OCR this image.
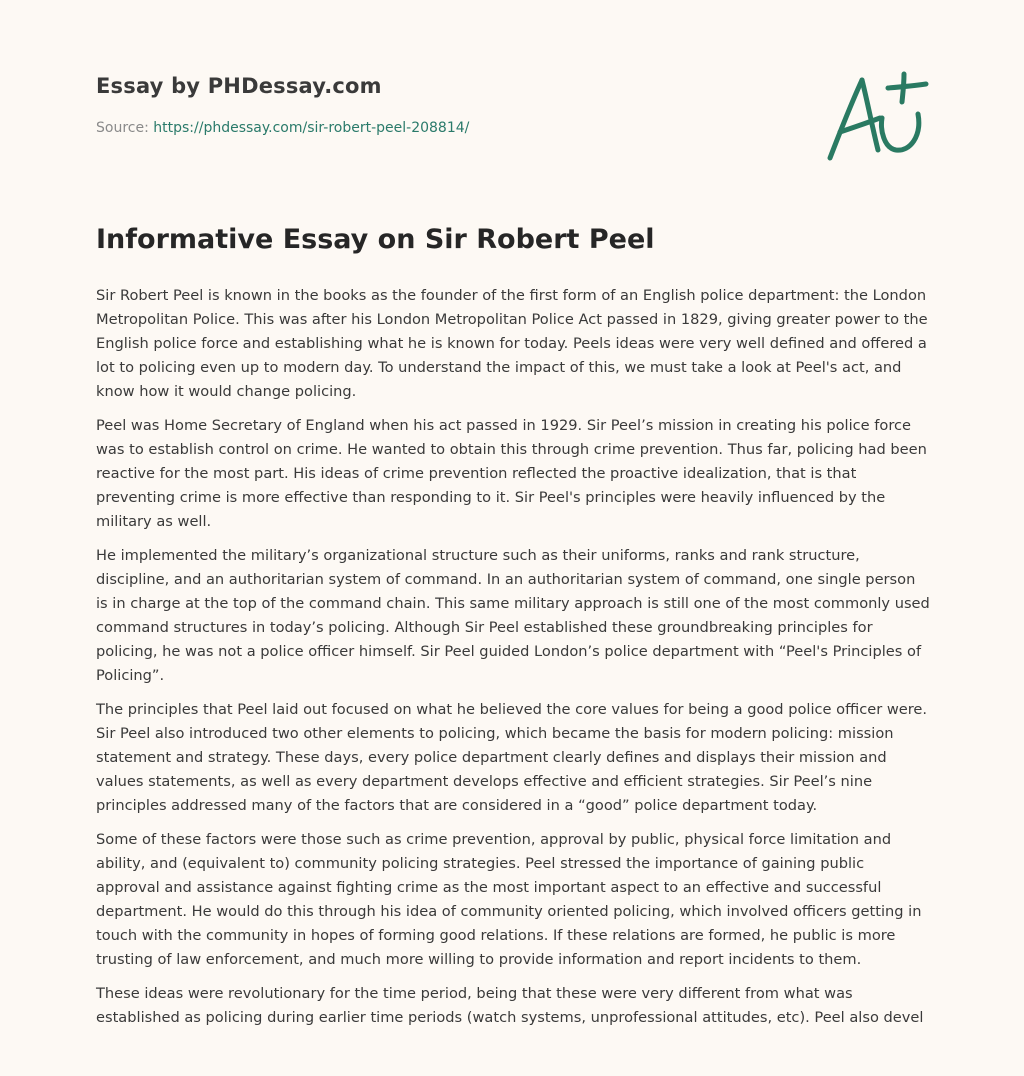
Essay by PHDessay.com
Source: https://phdessay.com/sir-robert-peel-208814/
Informative Essay on Sir Robert Peel

Sir Robert Peel is known in the books as the founder of the first form of an English police department: the London Metropolitan Police. This was after his London Metropolitan Police Act passed in 1829, giving greater power to the English police force and establishing what he is known for today. Peels ideas were very well defined and offered a lot to policing even up to modern day. To understand the impact of this, we must take a look at Peel's act, and know how it would change policing.

Peel was Home Secretary of England when his act passed in 1929. Sir Peel’s mission in creating his police force was to establish control on crime. He wanted to obtain this through crime prevention. Thus far, policing had been reactive for the most part. His ideas of crime prevention reflected the proactive idealization, that is that preventing crime is more effective than responding to it. Sir Peel's principles were heavily influenced by the military as well.

He implemented the military’s organizational structure such as their uniforms, ranks and rank structure, discipline, and an authoritarian system of command. In an authoritarian system of command, one single person is in charge at the top of the command chain. This same military approach is still one of the most commonly used command structures in today’s policing. Although Sir Peel established these groundbreaking principles for policing, he was not a police officer himself. Sir Peel guided London’s police department with “Peel's Principles of Policing”.

The principles that Peel laid out focused on what he believed the core values for being a good police officer were. Sir Peel also introduced two other elements to policing, which became the basis for modern policing: mission statement and strategy. These days, every police department clearly defines and displays their mission and values statements, as well as every department develops effective and efficient strategies. Sir Peel’s nine principles addressed many of the factors that are considered in a “good” police department today.

Some of these factors were those such as crime prevention, approval by public, physical force limitation and ability, and (equivalent to) community policing strategies. Peel stressed the importance of gaining public approval and assistance against fighting crime as the most important aspect to an effective and successful department. He would do this through his idea of community oriented policing, which involved officers getting in touch with the community in hopes of forming good relations. If these relations are formed, he public is more trusting of law enforcement, and much more willing to provide information and report incidents to them.

These ideas were revolutionary for the time period, being that these were very different from what was established as policing during earlier time periods (watch systems, unprofessional attitudes, etc). Peel also devel
